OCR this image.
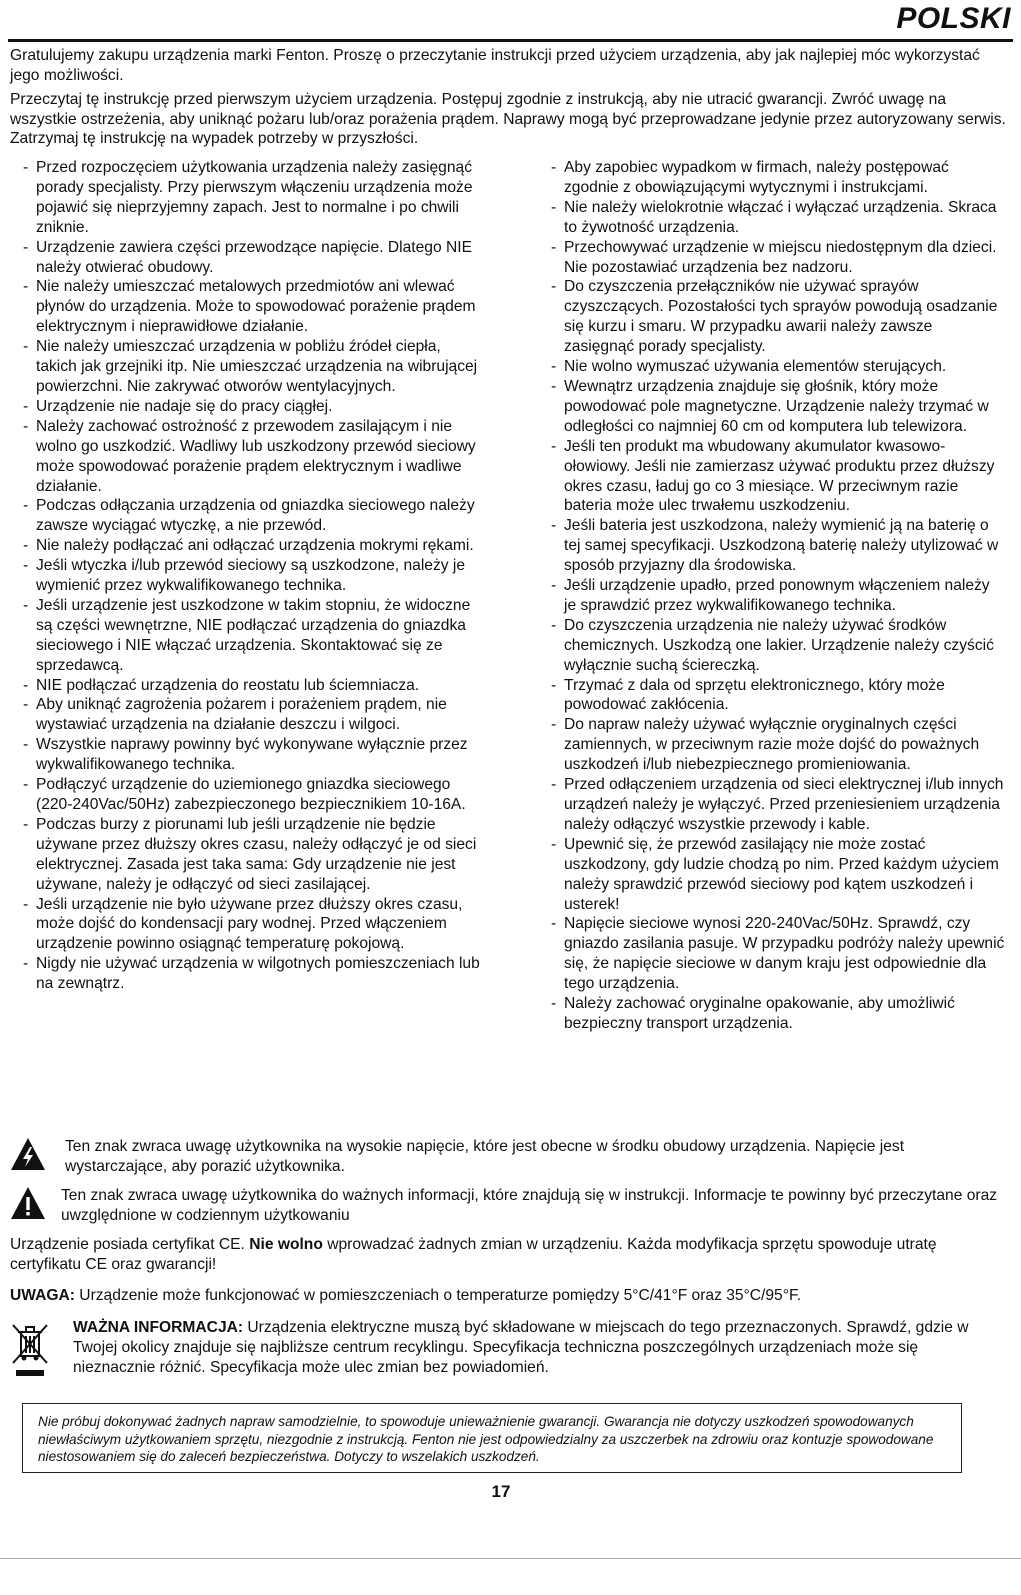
POLSKI

Gratulujemy zakupu urządzenia marki Fenton. Proszę o przeczytanie instrukcji przed użyciem urządzenia, aby jak najlepiej móc wykorzystać jego możliwości.

Przeczytaj tę instrukcję przed pierwszym użyciem urządzenia. Postępuj zgodnie z instrukcją, aby nie utracić gwarancji. Zwróć uwagę na wszystkie ostrzeżenia, aby uniknąć pożaru lub/oraz porażenia prądem. Naprawy mogą być przeprowadzane jedynie przez autoryzowany serwis. Zatrzymaj tę instrukcję na wypadek potrzeby w przyszłości.

- Przed rozpoczęciem użytkowania urządzenia należy zasięgnąć porady specjalisty. Przy pierwszym włączeniu urządzenia może pojawić się nieprzyjemny zapach. Jest to normalne i po chwili zniknie.
- Urządzenie zawiera części przewodzące napięcie. Dlatego NIE należy otwierać obudowy.
- Nie należy umieszczać metalowych przedmiotów ani wlewać płynów do urządzenia. Może to spowodować porażenie prądem elektrycznym i nieprawidłowe działanie.
- Nie należy umieszczać urządzenia w pobliżu źródeł ciepła, takich jak grzejniki itp. Nie umieszczać urządzenia na wibrującej powierzchni. Nie zakrywać otworów wentylacyjnych.
- Urządzenie nie nadaje się do pracy ciągłej.
- Należy zachować ostrożność z przewodem zasilającym i nie wolno go uszkodzić. Wadliwy lub uszkodzony przewód sieciowy może spowodować porażenie prądem elektrycznym i wadliwe działanie.
- Podczas odłączania urządzenia od gniazdka sieciowego należy zawsze wyciągać wtyczkę, a nie przewód.
- Nie należy podłączać ani odłączać urządzenia mokrymi rękami.
- Jeśli wtyczka i/lub przewód sieciowy są uszkodzone, należy je wymienić przez wykwalifikowanego technika.
- Jeśli urządzenie jest uszkodzone w takim stopniu, że widoczne są części wewnętrzne, NIE podłączać urządzenia do gniazdka sieciowego i NIE włączać urządzenia. Skontaktować się ze sprzedawcą.
- NIE podłączać urządzenia do reostatu lub ściemniacza.
- Aby uniknąć zagrożenia pożarem i porażeniem prądem, nie wystawiać urządzenia na działanie deszczu i wilgoci.
- Wszystkie naprawy powinny być wykonywane wyłącznie przez wykwalifikowanego technika.
- Podłączyć urządzenie do uziemionego gniazdka sieciowego (220-240Vac/50Hz) zabezpieczonego bezpiecznikiem 10-16A.
- Podczas burzy z piorunami lub jeśli urządzenie nie będzie używane przez dłuższy okres czasu, należy odłączyć je od sieci elektrycznej. Zasada jest taka sama: Gdy urządzenie nie jest używane, należy je odłączyć od sieci zasilającej.
- Jeśli urządzenie nie było używane przez dłuższy okres czasu, może dojść do kondensacji pary wodnej. Przed włączeniem urządzenie powinno osiągnąć temperaturę pokojową.
- Nigdy nie używać urządzenia w wilgotnych pomieszczeniach lub na zewnątrz.
- Aby zapobiec wypadkom w firmach, należy postępować zgodnie z obowiązującymi wytycznymi i instrukcjami.
- Nie należy wielokrotnie włączać i wyłączać urządzenia. Skraca to żywotność urządzenia.
- Przechowywać urządzenie w miejscu niedostępnym dla dzieci. Nie pozostawiać urządzenia bez nadzoru.
- Do czyszczenia przełączników nie używać sprayów czyszczących. Pozostałości tych sprayów powodują osadzanie się kurzu i smaru. W przypadku awarii należy zawsze zasięgnąć porady specjalisty.
- Nie wolno wymuszać używania elementów sterujących.
- Wewnątrz urządzenia znajduje się głośnik, który może powodować pole magnetyczne. Urządzenie należy trzymać w odległości co najmniej 60 cm od komputera lub telewizora.
- Jeśli ten produkt ma wbudowany akumulator kwasowo-ołowiowy. Jeśli nie zamierzasz używać produktu przez dłuższy okres czasu, ładuj go co 3 miesiące. W przeciwnym razie bateria może ulec trwałemu uszkodzeniu.
- Jeśli bateria jest uszkodzona, należy wymienić ją na baterię o tej samej specyfikacji. Uszkodzoną baterię należy utylizować w sposób przyjazny dla środowiska.
- Jeśli urządzenie upadło, przed ponownym włączeniem należy je sprawdzić przez wykwalifikowanego technika.
- Do czyszczenia urządzenia nie należy używać środków chemicznych. Uszkodzą one lakier. Urządzenie należy czyścić wyłącznie suchą ściereczką.
- Trzymać z dala od sprzętu elektronicznego, który może powodować zakłócenia.
- Do napraw należy używać wyłącznie oryginalnych części zamiennych, w przeciwnym razie może dojść do poważnych uszkodzeń i/lub niebezpiecznego promieniowania.
- Przed odłączeniem urządzenia od sieci elektrycznej i/lub innych urządzeń należy je wyłączyć. Przed przeniesieniem urządzenia należy odłączyć wszystkie przewody i kable.
- Upewnić się, że przewód zasilający nie może zostać uszkodzony, gdy ludzie chodzą po nim. Przed każdym użyciem należy sprawdzić przewód sieciowy pod kątem uszkodzeń i usterek!
- Napięcie sieciowe wynosi 220-240Vac/50Hz. Sprawdź, czy gniazdo zasilania pasuje. W przypadku podróży należy upewnić się, że napięcie sieciowe w danym kraju jest odpowiednie dla tego urządzenia.
- Należy zachować oryginalne opakowanie, aby umożliwić bezpieczny transport urządzenia.

Ten znak zwraca uwagę użytkownika na wysokie napięcie, które jest obecne w środku obudowy urządzenia. Napięcie jest wystarczające, aby porazić użytkownika.

Ten znak zwraca uwagę użytkownika do ważnych informacji, które znajdują się w instrukcji. Informacje te powinny być przeczytane oraz uwzględnione w codziennym użytkowaniu

Urządzenie posiada certyfikat CE. Nie wolno wprowadzać żadnych zmian w urządzeniu. Każda modyfikacja sprzętu spowoduje utratę certyfikatu CE oraz gwarancji!

UWAGA: Urządzenie może funkcjonować w pomieszczeniach o temperaturze pomiędzy 5°C/41°F oraz 35°C/95°F.

WAŻNA INFORMACJA: Urządzenia elektryczne muszą być składowane w miejscach do tego przeznaczonych. Sprawdź, gdzie w Twojej okolicy znajduje się najbliższe centrum recyklingu. Specyfikacja techniczna poszczególnych urządzeniach może się nieznacznie różnić. Specyfikacja może ulec zmian bez powiadomień.

Nie próbuj dokonywać żadnych napraw samodzielnie, to spowoduje unieważnienie gwarancji. Gwarancja nie dotyczy uszkodzeń spowodowanych niewłaściwym użytkowaniem sprzętu, niezgodnie z instrukcją. Fenton nie jest odpowiedzialny za uszczerbek na zdrowiu oraz kontuzje spowodowane niestosowaniem się do zaleceń bezpieczeństwa. Dotyczy to wszelakich uszkodzeń.

17
